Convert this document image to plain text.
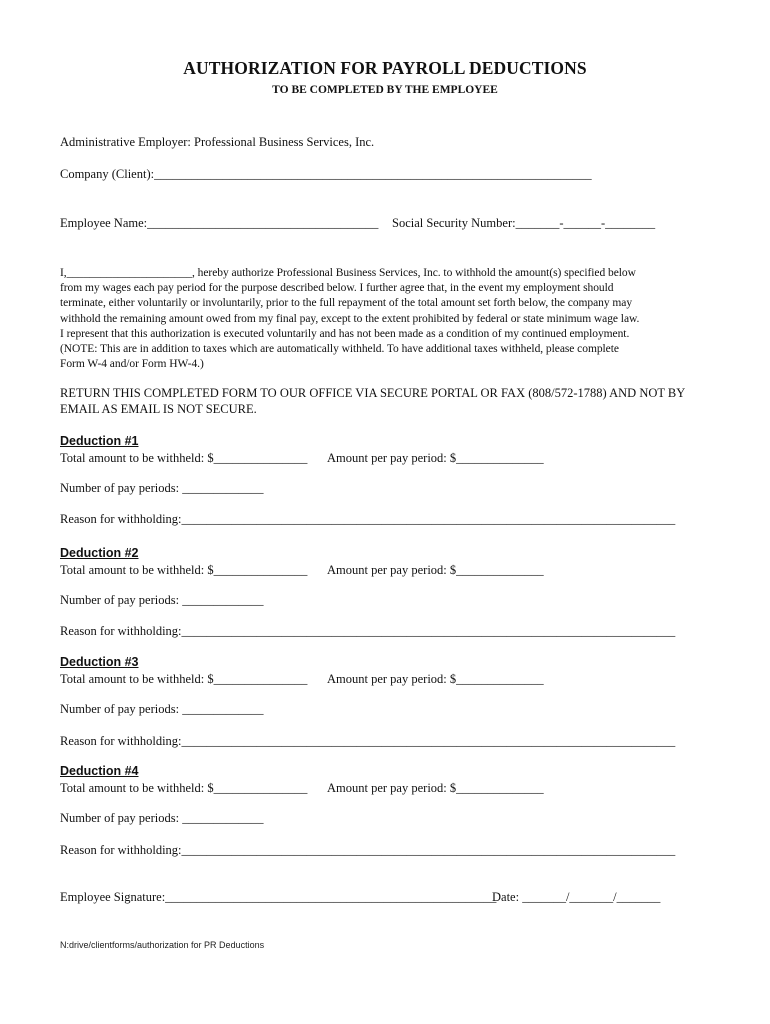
AUTHORIZATION FOR PAYROLL DEDUCTIONS
TO BE COMPLETED BY THE EMPLOYEE
Administrative Employer: Professional Business Services, Inc.
Company (Client):______________________________________________________________________
Employee Name:_____________________________________ Social Security Number:_______-______-________
I,______________________, hereby authorize Professional Business Services, Inc. to withhold the amount(s) specified below
from my wages each pay period for the purpose described below. I further agree that, in the event my employment should
terminate, either voluntarily or involuntarily, prior to the full repayment of the total amount set forth below, the company may
withhold the remaining amount owed from my final pay, except to the extent prohibited by federal or state minimum wage law.
I represent that this authorization is executed voluntarily and has not been made as a condition of my continued employment.
(NOTE: This are in addition to taxes which are automatically withheld. To have additional taxes withheld, please complete
Form W-4 and/or Form HW-4.)
RETURN THIS COMPLETED FORM TO OUR OFFICE VIA SECURE PORTAL OR FAX (808/572-1788) AND NOT BY
EMAIL AS EMAIL IS NOT SECURE.
Deduction #1
Total amount to be withheld: $_______________ Amount per pay period: $______________
Number of pay periods: _____________
Reason for withholding:_______________________________________________________________________________
Deduction #2
Total amount to be withheld: $_______________ Amount per pay period: $______________
Number of pay periods: _____________
Reason for withholding:_______________________________________________________________________________
Deduction #3
Total amount to be withheld: $_______________ Amount per pay period: $______________
Number of pay periods: _____________
Reason for withholding:_______________________________________________________________________________
Deduction #4
Total amount to be withheld: $_______________ Amount per pay period: $______________
Number of pay periods: _____________
Reason for withholding:_______________________________________________________________________________
Employee Signature:_____________________________________________________
Date: _______/_______/_______
N:drive/clientforms/authorization for PR Deductions
